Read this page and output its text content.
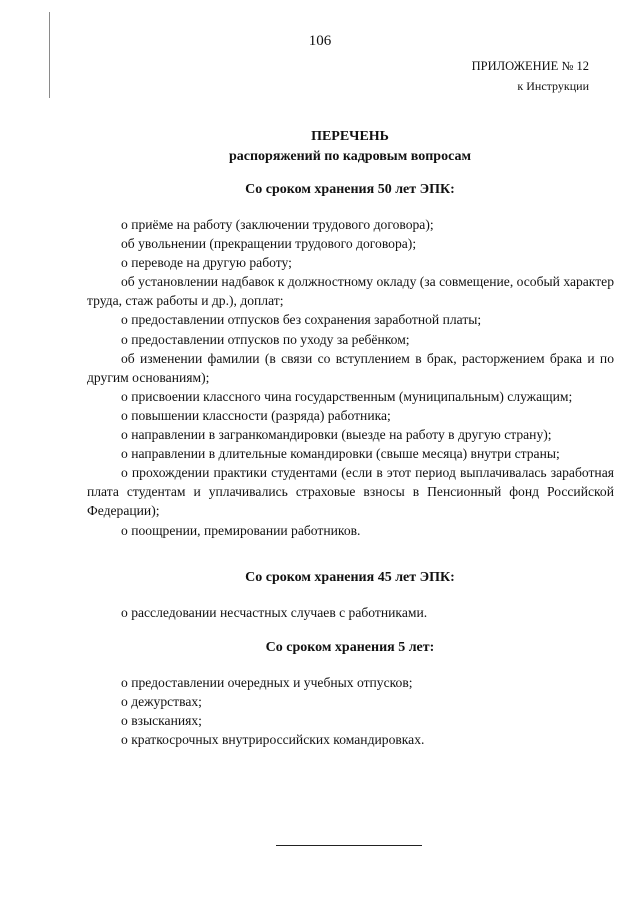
106
ПРИЛОЖЕНИЕ № 12
к Инструкции
ПЕРЕЧЕНЬ
распоряжений по кадровым вопросам
Со сроком хранения 50 лет ЭПК:
о приёме на работу (заключении трудового договора);
об увольнении (прекращении трудового договора);
о переводе на другую работу;
об установлении надбавок к должностному окладу (за совмещение, особый характер труда, стаж работы и др.), доплат;
о предоставлении отпусков без сохранения заработной платы;
о предоставлении отпусков по уходу за ребёнком;
об изменении фамилии (в связи со вступлением в брак, расторжением брака и по другим основаниям);
о присвоении классного чина государственным (муниципальным) служащим;
о повышении классности (разряда) работника;
о направлении в загранкомандировки (выезде на работу в другую страну);
о направлении в длительные командировки (свыше месяца) внутри страны;
о прохождении практики студентами (если в этот период выплачивалась заработная плата студентам и уплачивались страховые взносы в Пенсионный фонд Российской Федерации);
о поощрении, премировании работников.
Со сроком хранения 45 лет ЭПК:
о расследовании несчастных случаев с работниками.
Со сроком хранения 5 лет:
о предоставлении очередных и учебных отпусков;
о дежурствах;
о взысканиях;
о краткосрочных внутрироссийских командировках.
